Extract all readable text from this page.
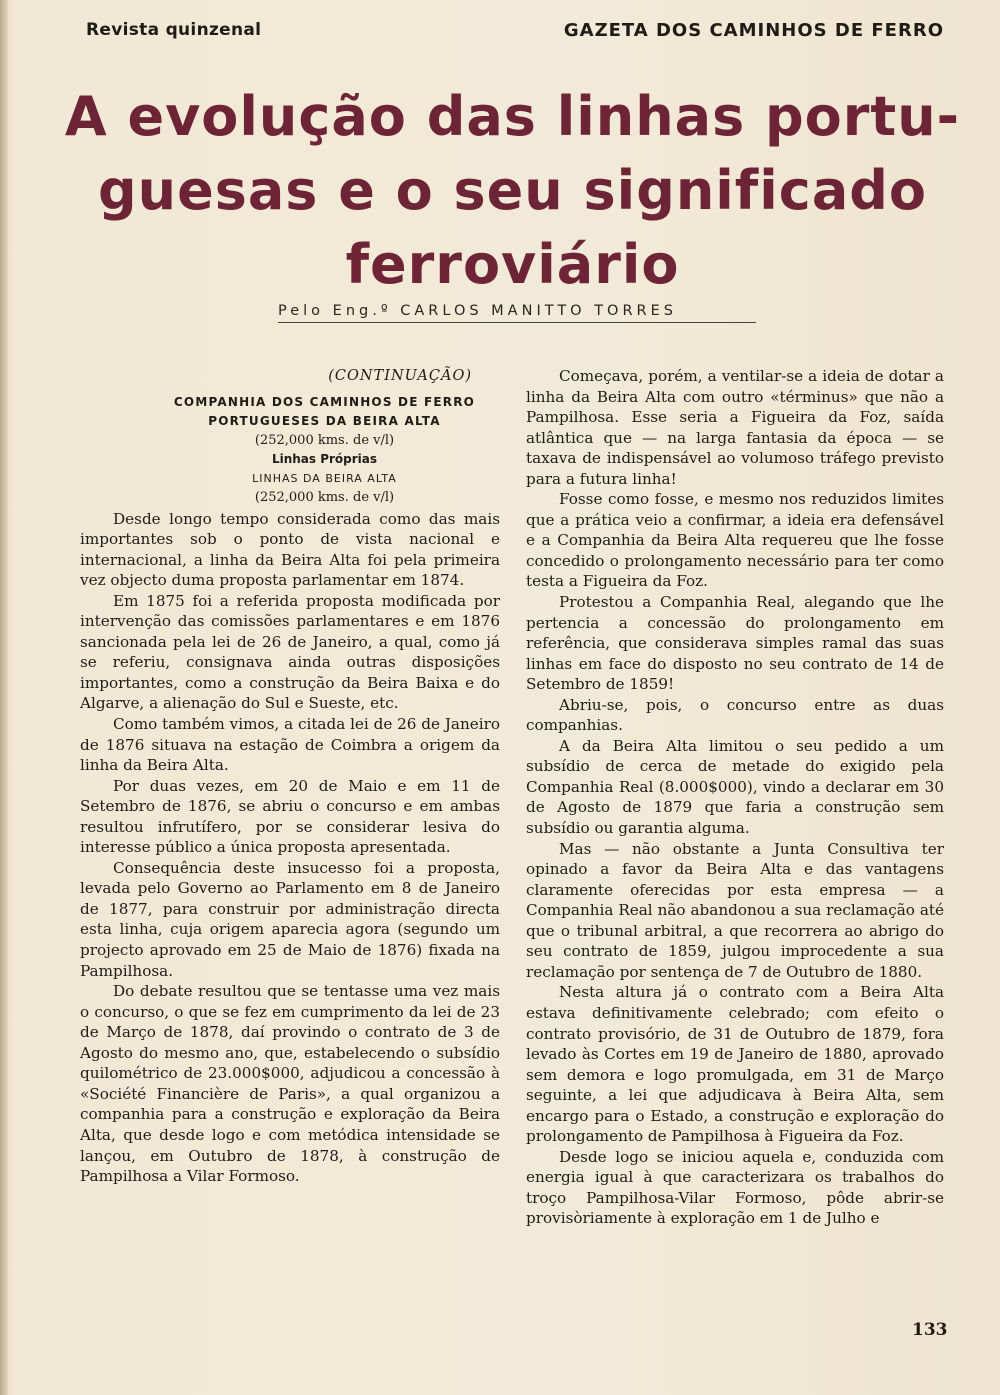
Revista quinzenal	GAZETA DOS CAMINHOS DE FERRO
A evolução das linhas portu-
guesas e o seu significado
ferroviário
Pelo Eng.º CARLOS MANITTO TORRES
(CONTINUAÇÃO)

COMPANHIA DOS CAMINHOS DE FERRO

PORTUGUESES DA BEIRA ALTA

(252,000 kms. de v/l)

Linhas Próprias

LINHAS DA BEIRA ALTA

(252,000 kms. de v/l)

Desde longo tempo considerada como das mais importantes sob o ponto de vista nacional e internacional, a linha da Beira Alta foi pela primeira vez objecto duma proposta parlamentar em 1874.

Em 1875 foi a referida proposta modificada por intervenção das comissões parlamentares e em 1876 sancionada pela lei de 26 de Janeiro, a qual, como já se referiu, consignava ainda outras disposições importantes, como a construção da Beira Baixa e do Algarve, a alienação do Sul e Sueste, etc.

Como também vimos, a citada lei de 26 de Janeiro de 1876 situava na estação de Coimbra a origem da linha da Beira Alta.

Por duas vezes, em 20 de Maio e em 11 de Setembro de 1876, se abriu o concurso e em ambas resultou infrutífero, por se considerar lesiva do interesse público a única proposta apresentada.

Consequência deste insucesso foi a proposta, levada pelo Governo ao Parlamento em 8 de Janeiro de 1877, para construir por administração directa esta linha, cuja origem aparecia agora (segundo um projecto aprovado em 25 de Maio de 1876) fixada na Pampilhosa.

Do debate resultou que se tentasse uma vez mais o concurso, o que se fez em cumprimento da lei de 23 de Março de 1878, daí provindo o contrato de 3 de Agosto do mesmo ano, que, estabelecendo o subsídio quilométrico de 23.000$000, adjudicou a concessão à «Société Financière de Paris», a qual organizou a companhia para a construção e exploração da Beira Alta, que desde logo e com metódica intensidade se lançou, em Outubro de 1878, à construção de Pampilhosa a Vilar Formoso.

Começava, porém, a ventilar-se a ideia de dotar a linha da Beira Alta com outro «términus» que não a Pampilhosa. Esse seria a Figueira da Foz, saída atlântica que — na larga fantasia da época — se taxava de indispensável ao volumoso tráfego previsto para a futura linha!

Fosse como fosse, e mesmo nos reduzidos limites que a prática veio a confirmar, a ideia era defensável e a Companhia da Beira Alta requereu que lhe fosse concedido o prolongamento necessário para ter como testa a Figueira da Foz.

Protestou a Companhia Real, alegando que lhe pertencia a concessão do prolongamento em referência, que considerava simples ramal das suas linhas em face do disposto no seu contrato de 14 de Setembro de 1859!

Abriu-se, pois, o concurso entre as duas companhias.

A da Beira Alta limitou o seu pedido a um subsídio de cerca de metade do exigido pela Companhia Real (8.000$000), vindo a declarar em 30 de Agosto de 1879 que faria a construção sem subsídio ou garantia alguma.

Mas — não obstante a Junta Consultiva ter opinado a favor da Beira Alta e das vantagens claramente oferecidas por esta empresa — a Companhia Real não abandonou a sua reclamação até que o tribunal arbitral, a que recorrera ao abrigo do seu contrato de 1859, julgou improcedente a sua reclamação por sentença de 7 de Outubro de 1880.

Nesta altura já o contrato com a Beira Alta estava definitivamente celebrado; com efeito o contrato provisório, de 31 de Outubro de 1879, fora levado às Cortes em 19 de Janeiro de 1880, aprovado sem demora e logo promulgada, em 31 de Março seguinte, a lei que adjudicava à Beira Alta, sem encargo para o Estado, a construção e exploração do prolongamento de Pampilhosa à Figueira da Foz.

Desde logo se iniciou aquela e, conduzida com energia igual à que caracterizara os trabalhos do troço Pampilhosa-Vilar Formoso, pôde abrir-se provisòriamente à exploração em 1 de Julho e

133
